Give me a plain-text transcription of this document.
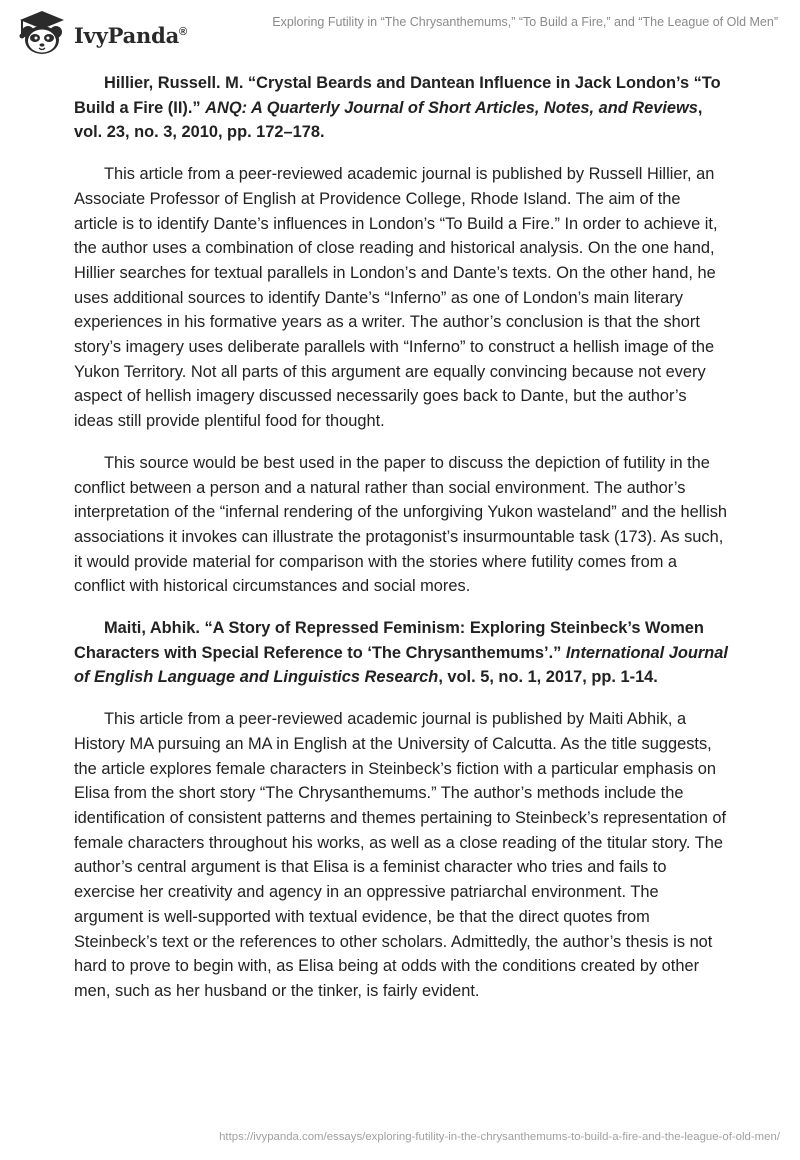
IvyPanda®
Exploring Futility in “The Chrysanthemums,” “To Build a Fire,” and “The League of Old Men”

Hillier, Russell. M. “Crystal Beards and Dantean Influence in Jack London’s “To Build a Fire (II).” ANQ: A Quarterly Journal of Short Articles, Notes, and Reviews, vol. 23, no. 3, 2010, pp. 172–178.

This article from a peer-reviewed academic journal is published by Russell Hillier, an Associate Professor of English at Providence College, Rhode Island. The aim of the article is to identify Dante’s influences in London’s “To Build a Fire.” In order to achieve it, the author uses a combination of close reading and historical analysis. On the one hand, Hillier searches for textual parallels in London’s and Dante’s texts. On the other hand, he uses additional sources to identify Dante’s “Inferno” as one of London’s main literary experiences in his formative years as a writer. The author’s conclusion is that the short story’s imagery uses deliberate parallels with “Inferno” to construct a hellish image of the Yukon Territory. Not all parts of this argument are equally convincing because not every aspect of hellish imagery discussed necessarily goes back to Dante, but the author’s ideas still provide plentiful food for thought.

This source would be best used in the paper to discuss the depiction of futility in the conflict between a person and a natural rather than social environment. The author’s interpretation of the “infernal rendering of the unforgiving Yukon wasteland” and the hellish associations it invokes can illustrate the protagonist’s insurmountable task (173). As such, it would provide material for comparison with the stories where futility comes from a conflict with historical circumstances and social mores.

Maiti, Abhik. “A Story of Repressed Feminism: Exploring Steinbeck’s Women Characters with Special Reference to ‘The Chrysanthemums’.” International Journal of English Language and Linguistics Research, vol. 5, no. 1, 2017, pp. 1-14.

This article from a peer-reviewed academic journal is published by Maiti Abhik, a History MA pursuing an MA in English at the University of Calcutta. As the title suggests, the article explores female characters in Steinbeck’s fiction with a particular emphasis on Elisa from the short story “The Chrysanthemums.” The author’s methods include the identification of consistent patterns and themes pertaining to Steinbeck’s representation of female characters throughout his works, as well as a close reading of the titular story. The author’s central argument is that Elisa is a feminist character who tries and fails to exercise her creativity and agency in an oppressive patriarchal environment. The argument is well-supported with textual evidence, be that the direct quotes from Steinbeck’s text or the references to other scholars. Admittedly, the author’s thesis is not hard to prove to begin with, as Elisa being at odds with the conditions created by other men, such as her husband or the tinker, is fairly evident.

https://ivypanda.com/essays/exploring-futility-in-the-chrysanthemums-to-build-a-fire-and-the-league-of-old-men/
